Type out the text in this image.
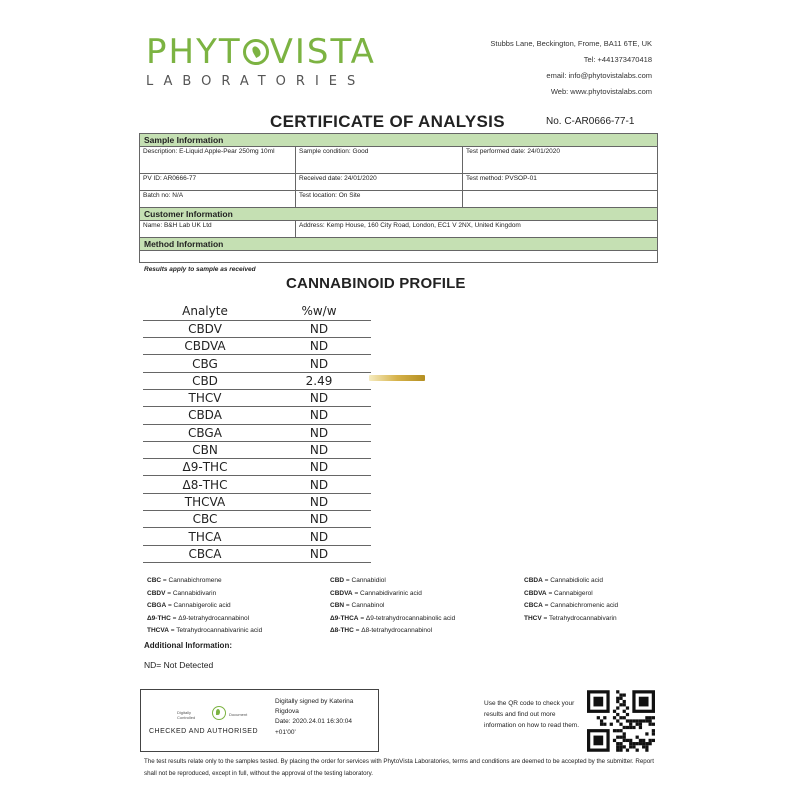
PHYT VISTA
LABORATORIES
Stubbs Lane, Beckington, Frome, BA11 6TE, UK
Tel: +441373470418
email: info@phytovistalabs.com
Web: www.phytovistalabs.com
CERTIFICATE OF ANALYSIS	No. C-AR0666-77-1
Sample Information		
Description: E-Liquid Apple-Pear 250mg 10ml	Sample condition: Good	Test performed date: 24/01/2020
PV ID: AR0666-77	Received date: 24/01/2020	Test method: PVSOP-01
Batch no: N/A	Test location: On Site	
Customer Information		
Name: B&H Lab UK Ltd	Address: Kemp House, 160 City Road, London, EC1 V 2NX, United Kingdom	
Method Information		

Results apply to sample as received
CANNABINOID PROFILE
Analyte	%w/w
CBDV	ND
CBDVA	ND
CBG	ND
CBD	2.49
THCV	ND
CBDA	ND
CBGA	ND
CBN	ND
Δ9-THC	ND
Δ8-THC	ND
THCVA	ND
CBC	ND
THCA	ND
CBCA	ND
CBC = Cannabichromene
CBDV = Cannabidivarin
CBGA = Cannabigerolic acid
Δ9-THC = Δ9-tetrahydrocannabinol
THCVA = Tetrahydrocannabivarinic acid
CBD = Cannabidiol
CBDVA = Cannabidivarinic acid
CBN = Cannabinol
Δ9-THCA = Δ9-tetrahydrocannabinolic acid
Δ8-THC = Δ8-tetrahydrocannabinol
CBDA = Cannabidiolic acid
CBDVA = Cannabigerol
CBCA = Cannabichromenic acid
THCV = Tetrahydrocannabivarin
Additional Information:
ND= Not Detected
Digitally
Controlled
Document
CHECKED AND AUTHORISED
Digitally signed by Katerina
Rigdova
Date: 2020.24.01 16:30:04
+01'00'
Use the QR code to check your results and find out more information on how to read them.
The test results relate only to the samples tested. By placing the order for services with PhytoVista Laboratories, terms and conditions are deemed to be accepted by the submitter. Report shall not be reproduced, except in full, without the approval of the testing laboratory.
